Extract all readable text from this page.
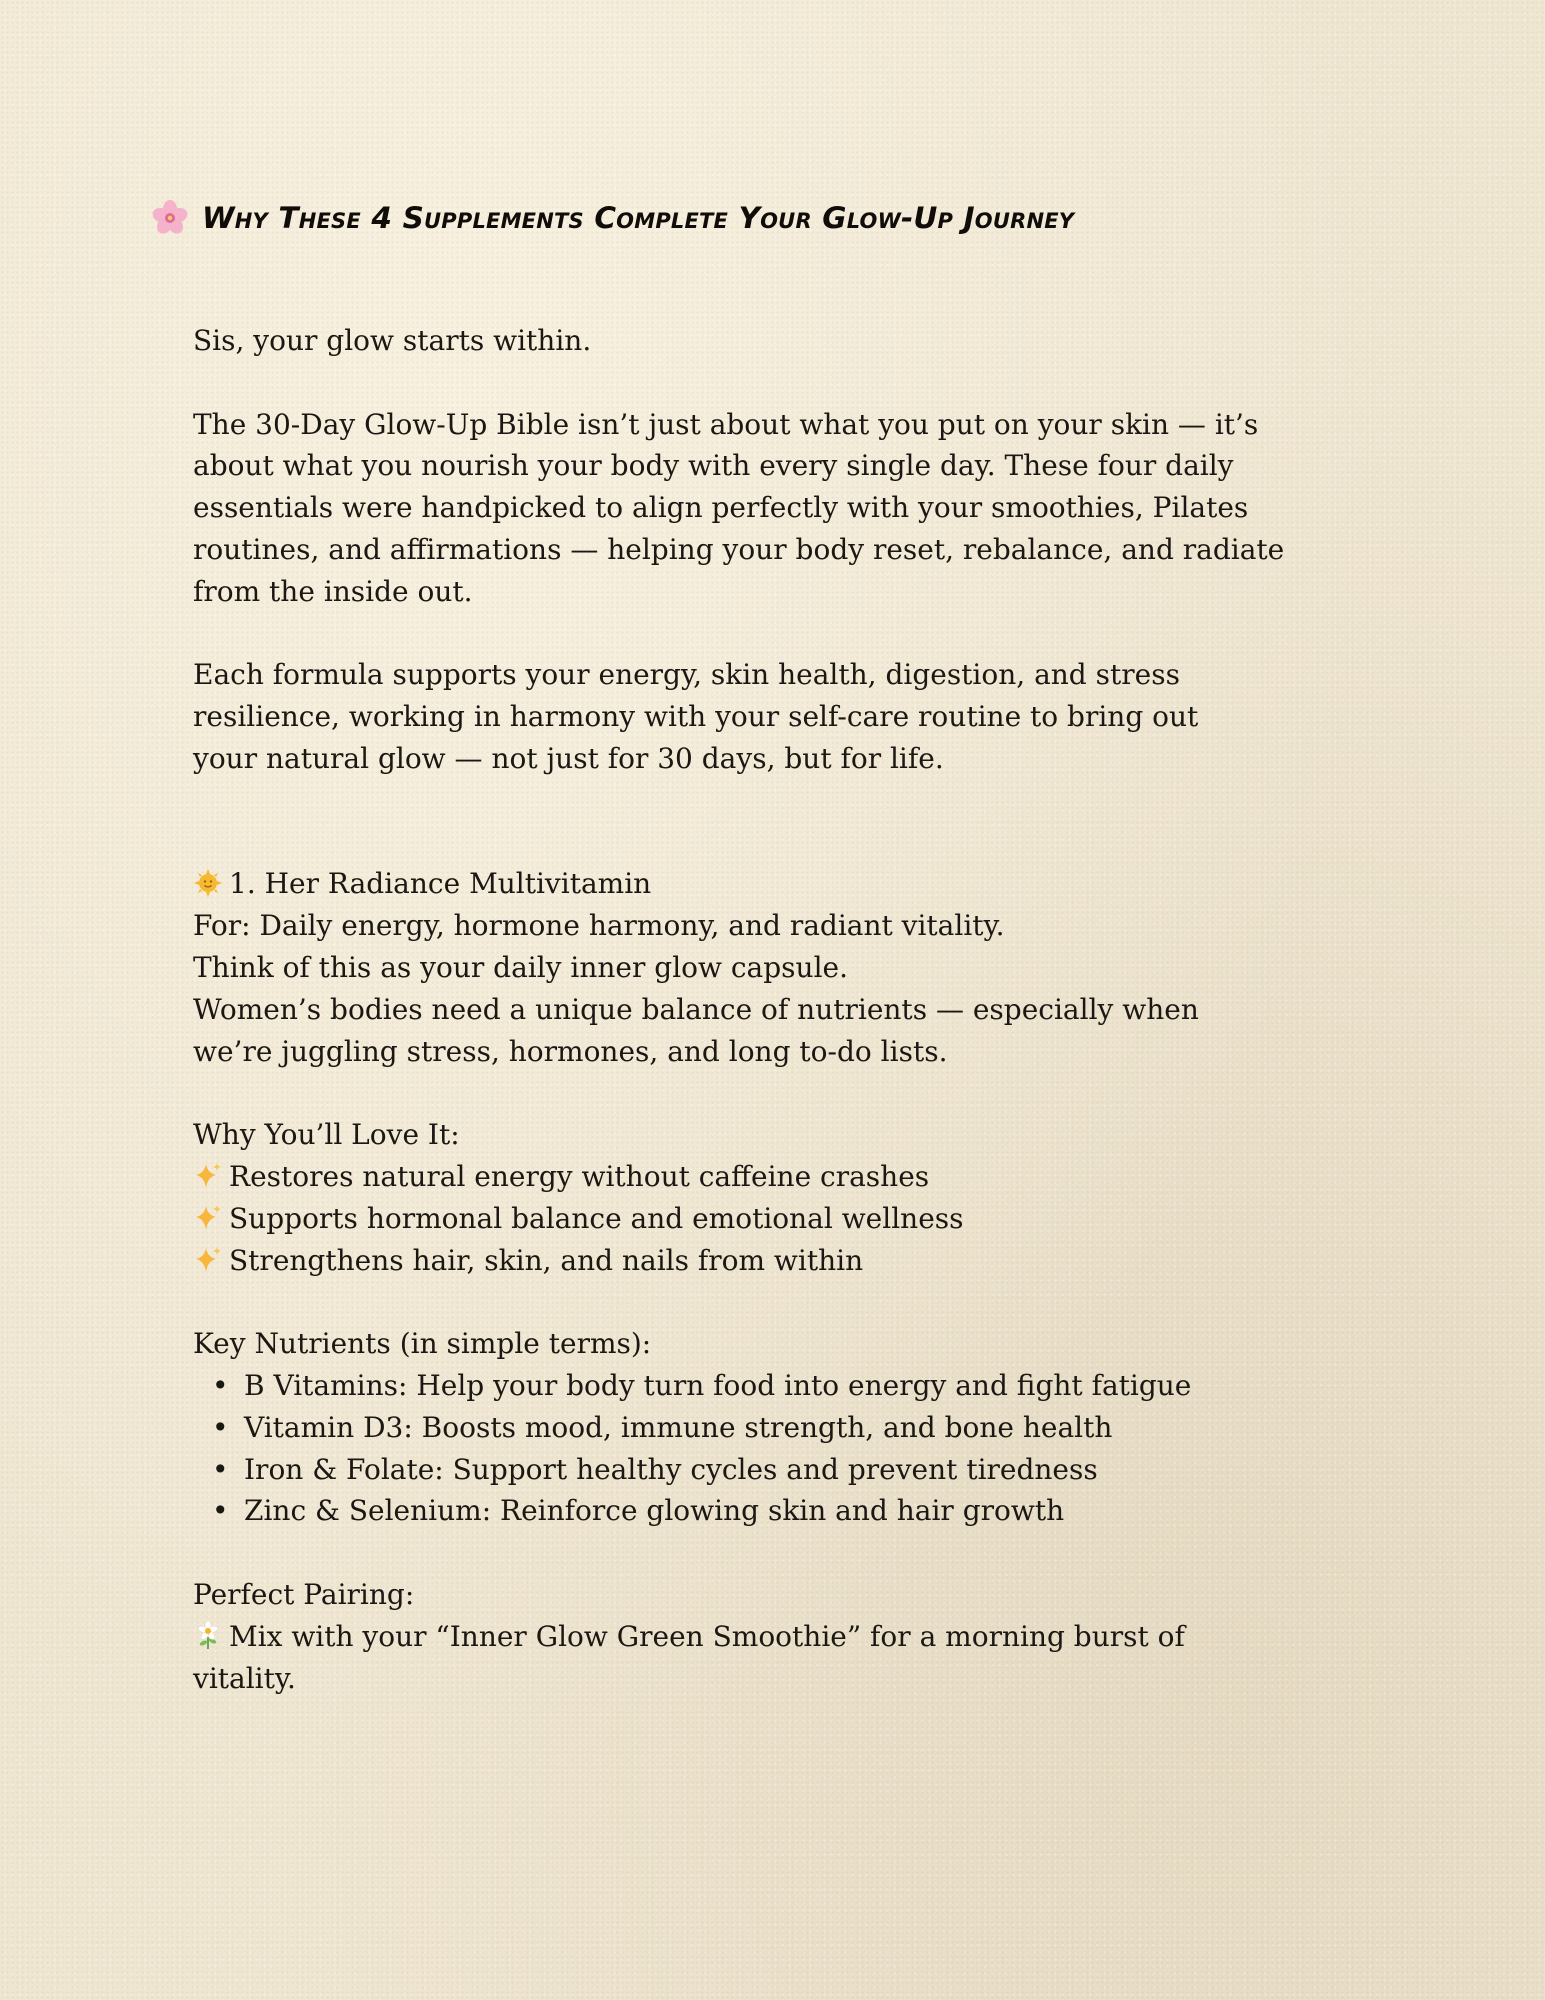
Why These 4 Supplements Complete Your Glow-Up Journey

Sis, your glow starts within.

The 30-Day Glow-Up Bible isn’t just about what you put on your skin — it’s

about what you nourish your body with every single day. These four daily

essentials were handpicked to align perfectly with your smoothies, Pilates

routines, and affirmations — helping your body reset, rebalance, and radiate

from the inside out.

Each formula supports your energy, skin health, digestion, and stress

resilience, working in harmony with your self-care routine to bring out

your natural glow — not just for 30 days, but for life.

1. Her Radiance Multivitamin

For: Daily energy, hormone harmony, and radiant vitality.

Think of this as your daily inner glow capsule.

Women’s bodies need a unique balance of nutrients — especially when

we’re juggling stress, hormones, and long to-do lists.

Why You’ll Love It:

Restores natural energy without caffeine crashes

Supports hormonal balance and emotional wellness

Strengthens hair, skin, and nails from within

Key Nutrients (in simple terms):

• B Vitamins: Help your body turn food into energy and fight fatigue
• Vitamin D3: Boosts mood, immune strength, and bone health
• Iron & Folate: Support healthy cycles and prevent tiredness
• Zinc & Selenium: Reinforce glowing skin and hair growth

Perfect Pairing:

Mix with your “Inner Glow Green Smoothie” for a morning burst of

vitality.
